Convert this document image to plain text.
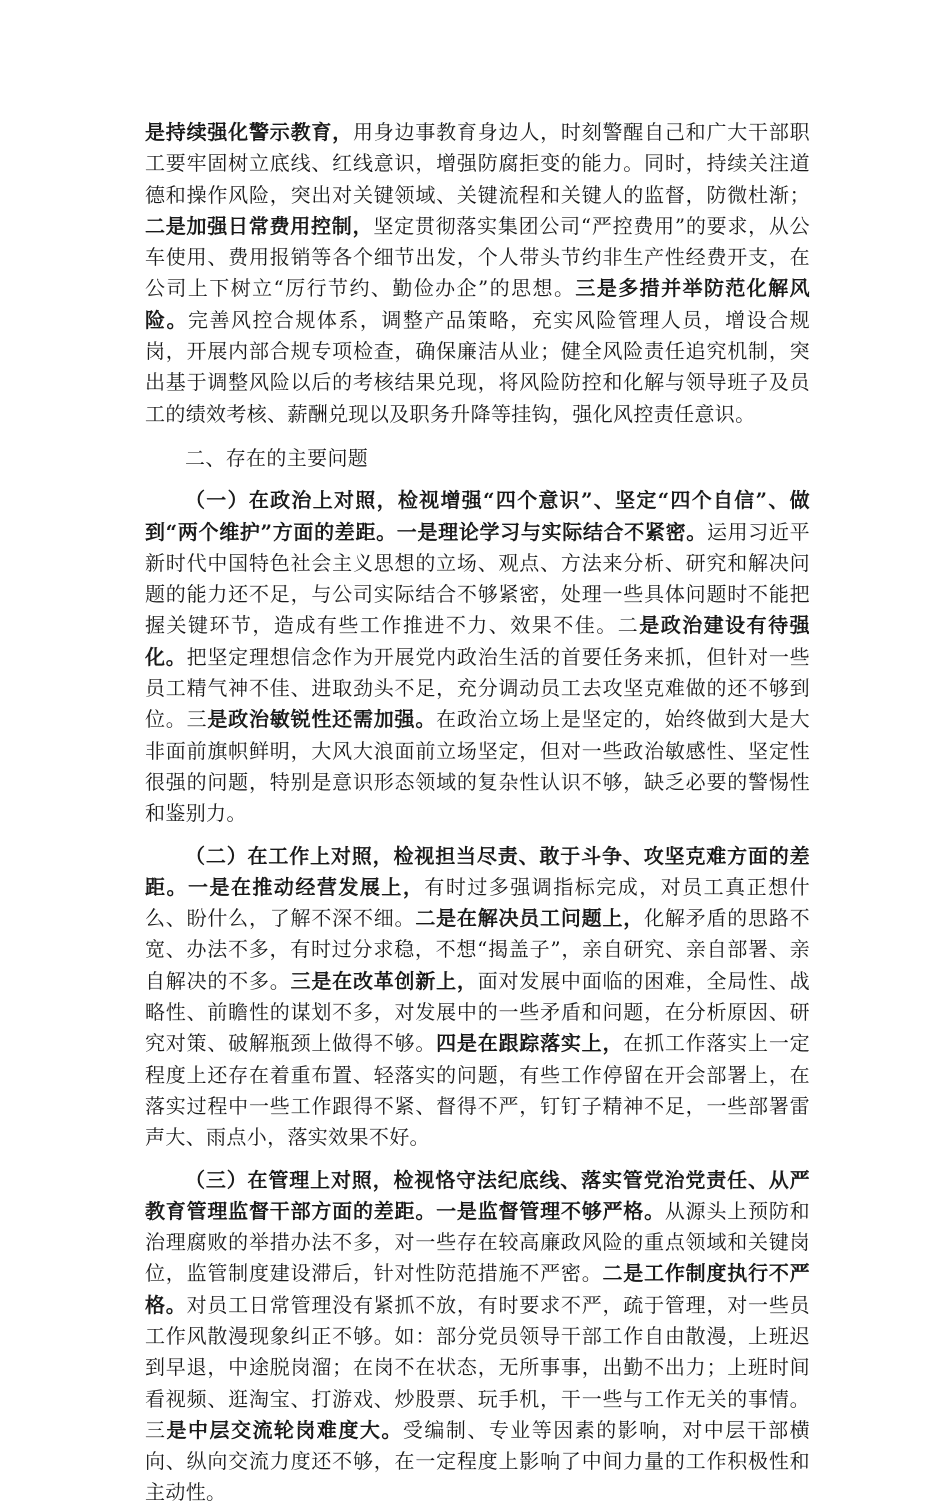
是持续强化警示教育，用身边事教育身边人，时刻警醒自己和广大干部职工要牢固树立底线、红线意识，增强防腐拒变的能力。同时，持续关注道德和操作风险，突出对关键领域、关键流程和关键人的监督，防微杜渐；二是加强日常费用控制，坚定贯彻落实集团公司“严控费用”的要求，从公车使用、费用报销等各个细节出发，个人带头节约非生产性经费开支，在公司上下树立“厉行节约、勤俭办企”的思想。三是多措并举防范化解风险。完善风控合规体系，调整产品策略，充实风险管理人员，增设合规岗，开展内部合规专项检查，确保廉洁从业；健全风险责任追究机制，突出基于调整风险以后的考核结果兑现，将风险防控和化解与领导班子及员工的绩效考核、薪酬兑现以及职务升降等挂钩，强化风控责任意识。

二、存在的主要问题

（一）在政治上对照，检视增强“四个意识”、坚定“四个自信”、做到“两个维护”方面的差距。一是理论学习与实际结合不紧密。运用习近平新时代中国特色社会主义思想的立场、观点、方法来分析、研究和解决问题的能力还不足，与公司实际结合不够紧密，处理一些具体问题时不能把握关键环节，造成有些工作推进不力、效果不佳。二是政治建设有待强化。把坚定理想信念作为开展党内政治生活的首要任务来抓，但针对一些员工精气神不佳、进取劲头不足，充分调动员工去攻坚克难做的还不够到位。三是政治敏锐性还需加强。在政治立场上是坚定的，始终做到大是大非面前旗帜鲜明，大风大浪面前立场坚定，但对一些政治敏感性、坚定性很强的问题，特别是意识形态领域的复杂性认识不够，缺乏必要的警惕性和鉴别力。

（二）在工作上对照，检视担当尽责、敢于斗争、攻坚克难方面的差距。一是在推动经营发展上，有时过多强调指标完成，对员工真正想什么、盼什么，了解不深不细。二是在解决员工问题上，化解矛盾的思路不宽、办法不多，有时过分求稳，不想“揭盖子”，亲自研究、亲自部署、亲自解决的不多。三是在改革创新上，面对发展中面临的困难，全局性、战略性、前瞻性的谋划不多，对发展中的一些矛盾和问题，在分析原因、研究对策、破解瓶颈上做得不够。四是在跟踪落实上，在抓工作落实上一定程度上还存在着重布置、轻落实的问题，有些工作停留在开会部署上，在落实过程中一些工作跟得不紧、督得不严，钉钉子精神不足，一些部署雷声大、雨点小，落实效果不好。

（三）在管理上对照，检视恪守法纪底线、落实管党治党责任、从严教育管理监督干部方面的差距。一是监督管理不够严格。从源头上预防和治理腐败的举措办法不多，对一些存在较高廉政风险的重点领域和关键岗位，监管制度建设滞后，针对性防范措施不严密。二是工作制度执行不严格。对员工日常管理没有紧抓不放，有时要求不严，疏于管理，对一些员工作风散漫现象纠正不够。如：部分党员领导干部工作自由散漫，上班迟到早退，中途脱岗溜；在岗不在状态，无所事事，出勤不出力；上班时间看视频、逛淘宝、打游戏、炒股票、玩手机，干一些与工作无关的事情。三是中层交流轮岗难度大。受编制、专业等因素的影响，对中层干部横向、纵向交流力度还不够，在一定程度上影响了中间力量的工作积极性和主动性。
